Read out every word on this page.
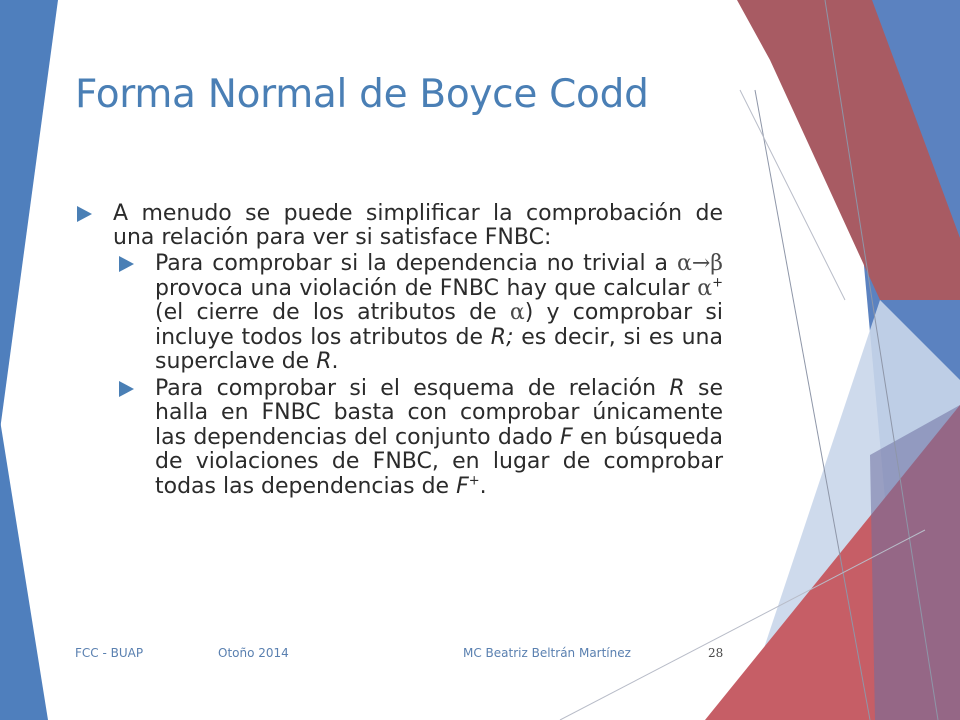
Forma Normal de Boyce Codd
A menudo se puede simplificar la comprobación de una relación para ver si satisface FNBC:
Para comprobar si la dependencia no trivial a α→β provoca una violación de FNBC hay que calcular α+ (el cierre de los atributos de α) y comprobar si incluye todos los atributos de R; es decir, si es una superclave de R.
Para comprobar si el esquema de relación R se halla en FNBC basta con comprobar únicamente las dependencias del conjunto dado F en búsqueda de violaciones de FNBC, en lugar de comprobar todas las dependencias de F+.
FCC - BUAP	Otoño 2014	MC Beatriz Beltrán Martínez	28
